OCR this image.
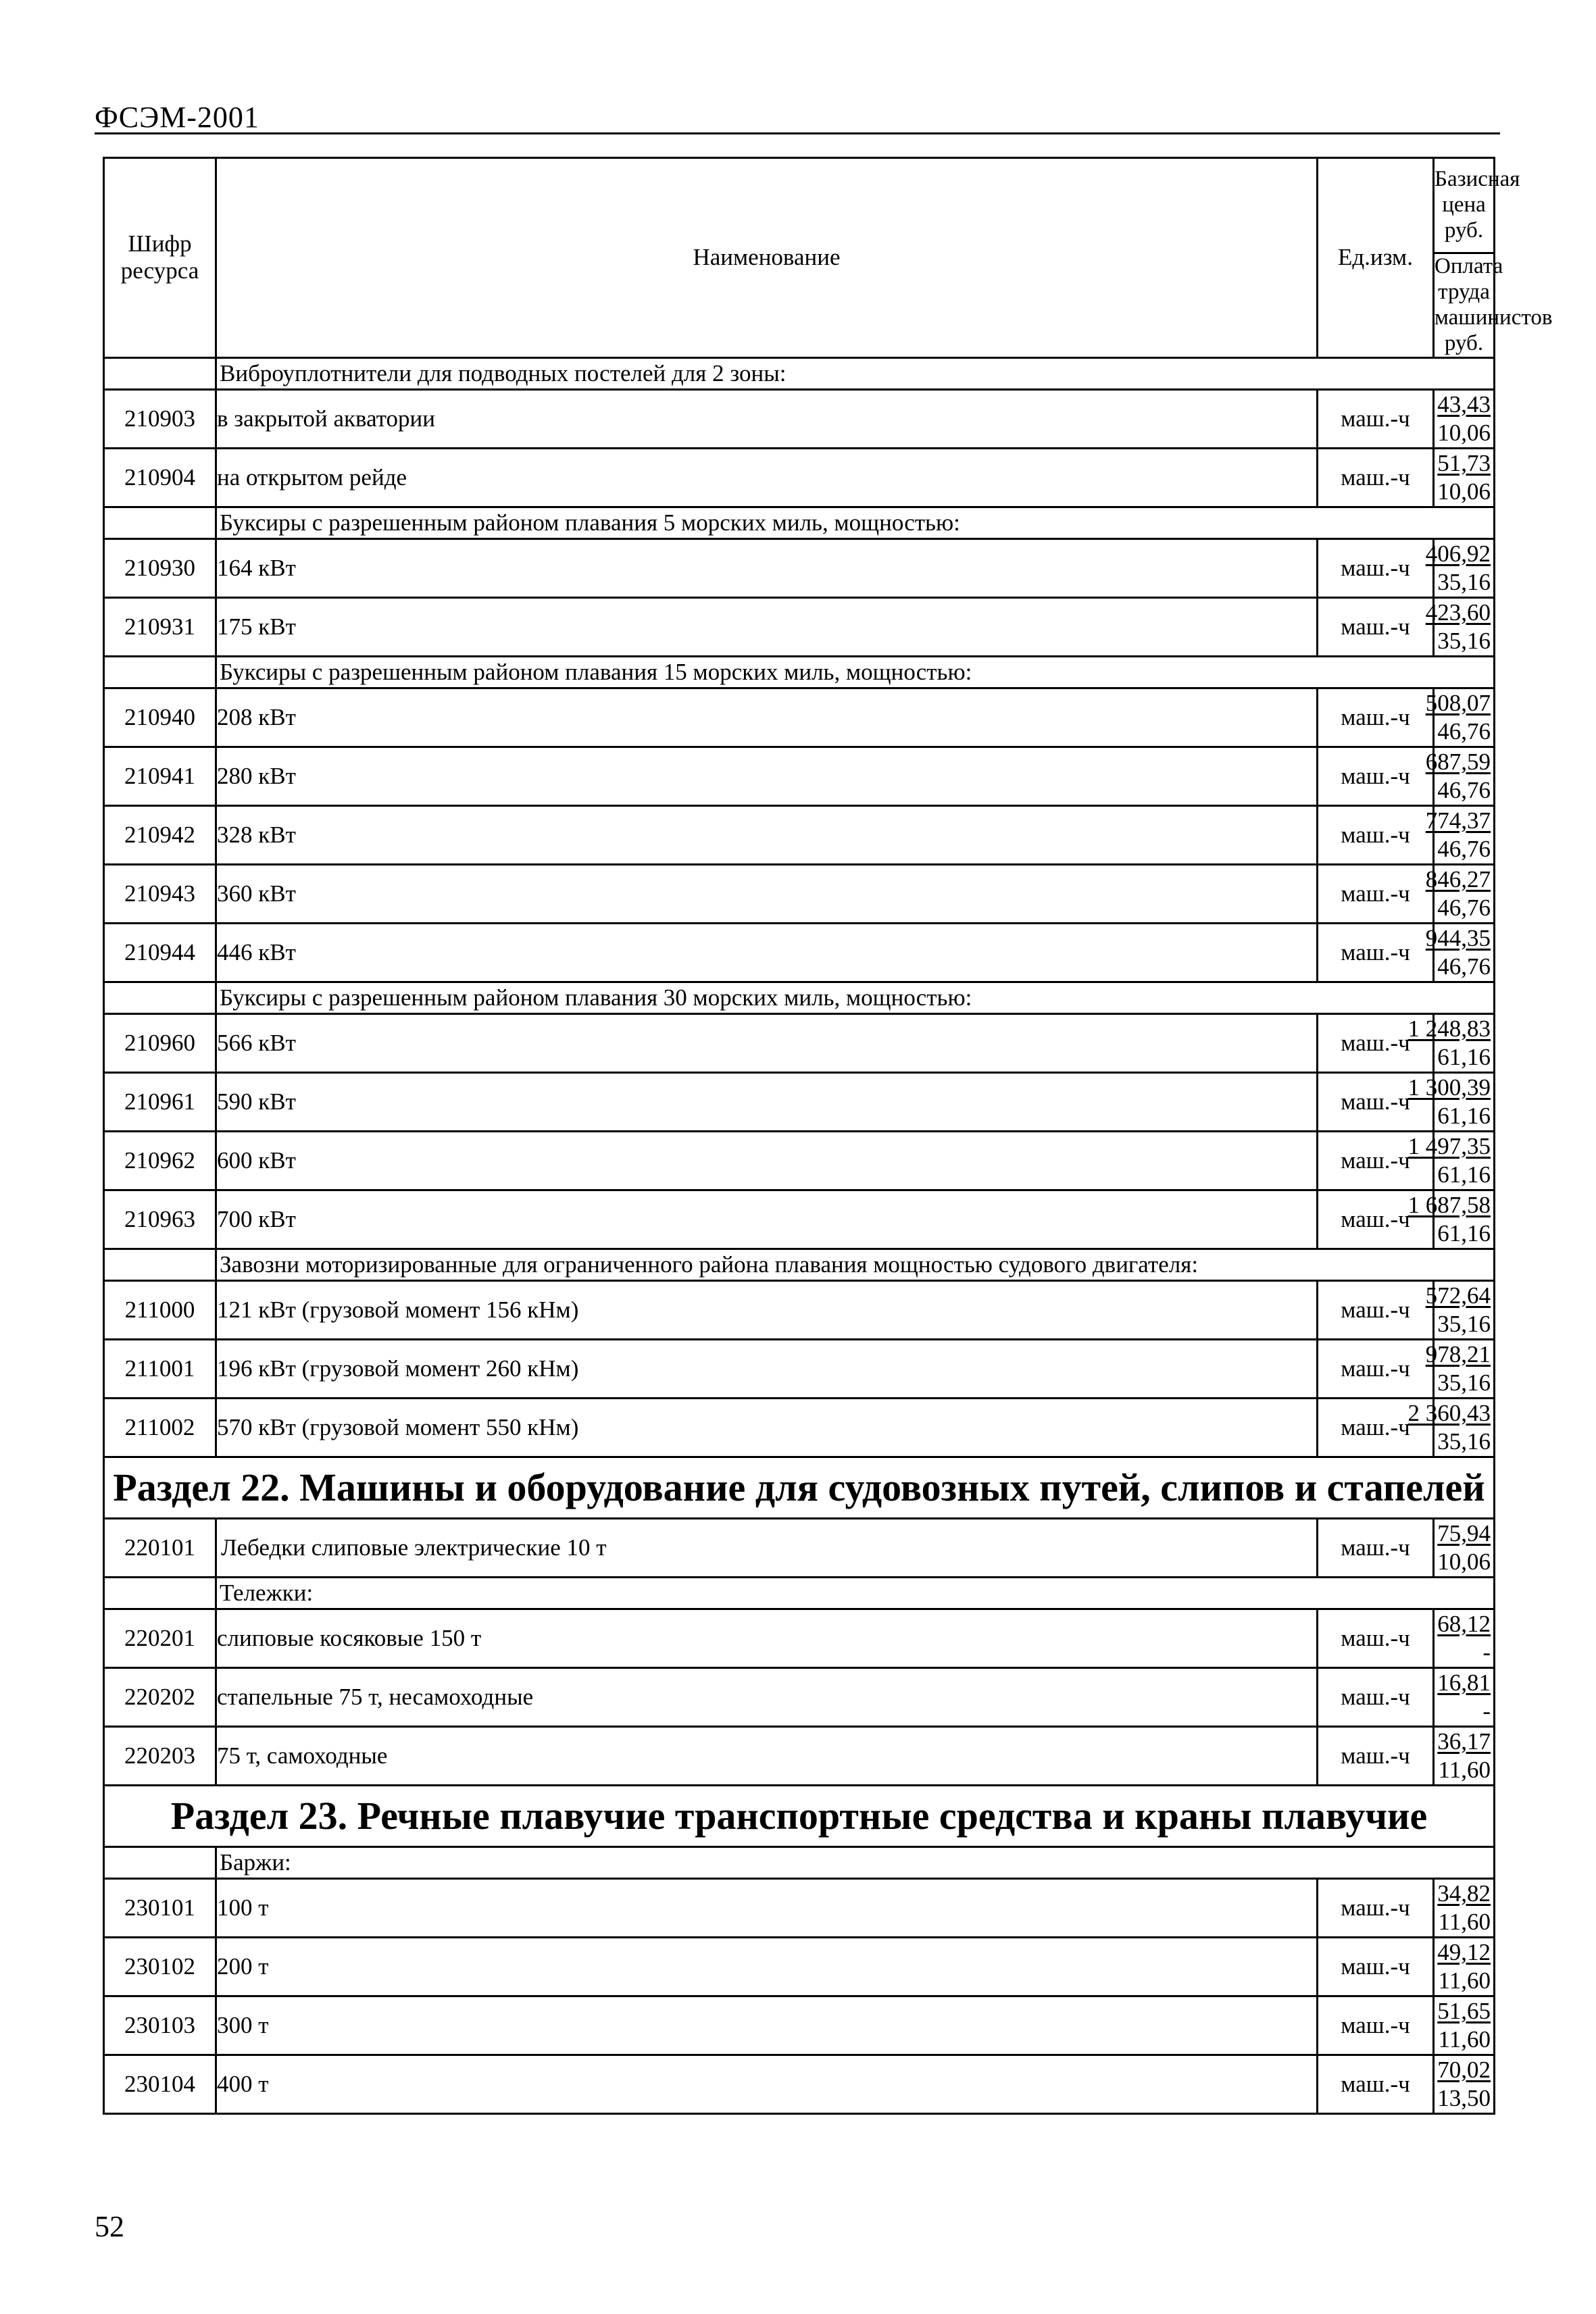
ФСЭМ-2001
Шифр ресурса	Наименование	Ед.изм.	Базисная цена руб.
			Оплата труда машинистов руб.
	Виброуплотнители для подводных постелей для 2 зоны:		
210903	в закрытой акватории	маш.-ч	43,43
10,06

210904	на открытом рейде	маш.-ч	51,73
10,06

	Буксиры с разрешенным районом плавания 5 морских миль, мощностью:		
210930	164 кВт	маш.-ч	406,92
35,16

210931	175 кВт	маш.-ч	423,60
35,16

	Буксиры с разрешенным районом плавания 15 морских миль, мощностью:		
210940	208 кВт	маш.-ч	508,07
46,76

210941	280 кВт	маш.-ч	687,59
46,76

210942	328 кВт	маш.-ч	774,37
46,76

210943	360 кВт	маш.-ч	846,27
46,76

210944	446 кВт	маш.-ч	944,35
46,76

	Буксиры с разрешенным районом плавания 30 морских миль, мощностью:		
210960	566 кВт	маш.-ч	1 248,83
61,16

210961	590 кВт	маш.-ч	1 300,39
61,16

210962	600 кВт	маш.-ч	1 497,35
61,16

210963	700 кВт	маш.-ч	1 687,58
61,16

	Завозни моторизированные для ограниченного района плавания мощностью судового двигателя:		
211000	121 кВт (грузовой момент 156 кНм)	маш.-ч	572,64
35,16

211001	196 кВт (грузовой момент 260 кНм)	маш.-ч	978,21
35,16

211002	570 кВт (грузовой момент 550 кНм)	маш.-ч	2 360,43
35,16

Раздел 22. Машины и оборудование для судовозных путей, слипов и стапелей			
220101	Лебедки слиповые электрические 10 т	маш.-ч	75,94
10,06

	Тележки:		
220201	слиповые косяковые 150 т	маш.-ч	68,12
-

220202	стапельные 75 т, несамоходные	маш.-ч	16,81
-

220203	75 т, самоходные	маш.-ч	36,17
11,60

Раздел 23. Речные плавучие транспортные средства и краны плавучие			
	Баржи:		
230101	100 т	маш.-ч	34,82
11,60

230102	200 т	маш.-ч	49,12
11,60

230103	300 т	маш.-ч	51,65
11,60

230104	400 т	маш.-ч	70,02
13,50
52
